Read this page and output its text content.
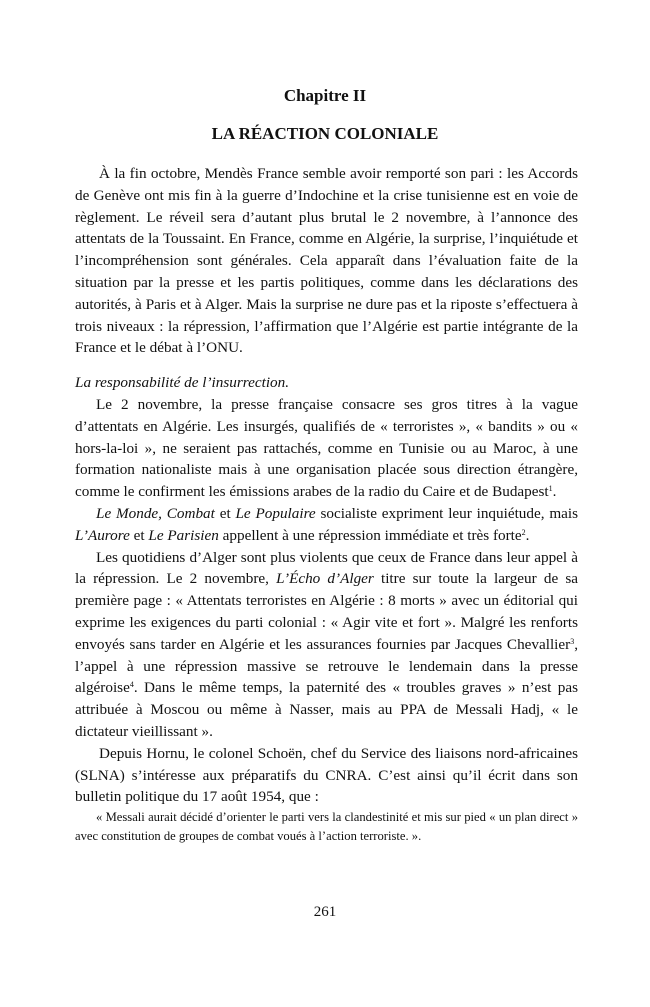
Chapitre II
LA RÉACTION COLONIALE

À la fin octobre, Mendès France semble avoir remporté son pari : les Accords de Genève ont mis fin à la guerre d’Indochine et la crise tunisienne est en voie de règlement. Le réveil sera d’autant plus brutal le 2 novembre, à l’annonce des attentats de la Toussaint. En France, comme en Algérie, la surprise, l’inquiétude et l’incompréhension sont générales. Cela apparaît dans l’évaluation faite de la situation par la presse et les partis politiques, comme dans les déclarations des autorités, à Paris et à Alger. Mais la surprise ne dure pas et la riposte s’effectuera à trois niveaux : la répression, l’affirmation que l’Algérie est partie intégrante de la France et le débat à l’ONU.

La responsabilité de l’insurrection.

Le 2 novembre, la presse française consacre ses gros titres à la vague d’attentats en Algérie. Les insurgés, qualifiés de « terroristes », « bandits » ou « hors-la-loi », ne seraient pas rattachés, comme en Tunisie ou au Maroc, à une formation nationaliste mais à une organisation placée sous direction étrangère, comme le confirment les émissions arabes de la radio du Caire et de Budapest$^1$.

Le Monde, Combat et Le Populaire socialiste expriment leur inquiétude, mais L’Aurore et Le Parisien appellent à une répression immédiate et très forte$^2$.

Les quotidiens d’Alger sont plus violents que ceux de France dans leur appel à la répression. Le 2 novembre, L’Écho d’Alger titre sur toute la largeur de sa première page : « Attentats terroristes en Algérie : 8 morts » avec un éditorial qui exprime les exigences du parti colonial : « Agir vite et fort ». Malgré les renforts envoyés sans tarder en Algérie et les assurances fournies par Jacques Chevallier$^3$, l’appel à une répression massive se retrouve le lendemain dans la presse algéroise$^4$. Dans le même temps, la paternité des « troubles graves » n’est pas attribuée à Moscou ou même à Nasser, mais au PPA de Messali Hadj, « le dictateur vieillissant ».

Depuis Hornu, le colonel Schoën, chef du Service des liaisons nord-africaines (SLNA) s’intéresse aux préparatifs du CNRA. C’est ainsi qu’il écrit dans son bulletin politique du 17 août 1954, que :

« Messali aurait décidé d’orienter le parti vers la clandestinité et mis sur pied « un plan direct » avec constitution de groupes de combat voués à l’action terroriste. ».

261
